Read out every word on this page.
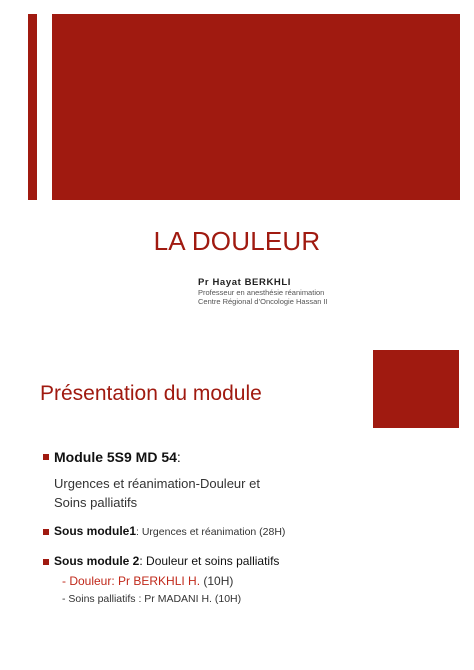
LA DOULEUR
Pr Hayat BERKHLI
Professeur en anesthésie réanimation
Centre Régional d’Oncologie Hassan II
Présentation du module
Module 5S9 MD 54:
Urgences et réanimation-Douleur et
Soins palliatifs
Sous module1: Urgences et réanimation (28H)
Sous module 2: Douleur et soins palliatifs
- Douleur: Pr BERKHLI H. (10H)
- Soins palliatifs : Pr MADANI H. (10H)
